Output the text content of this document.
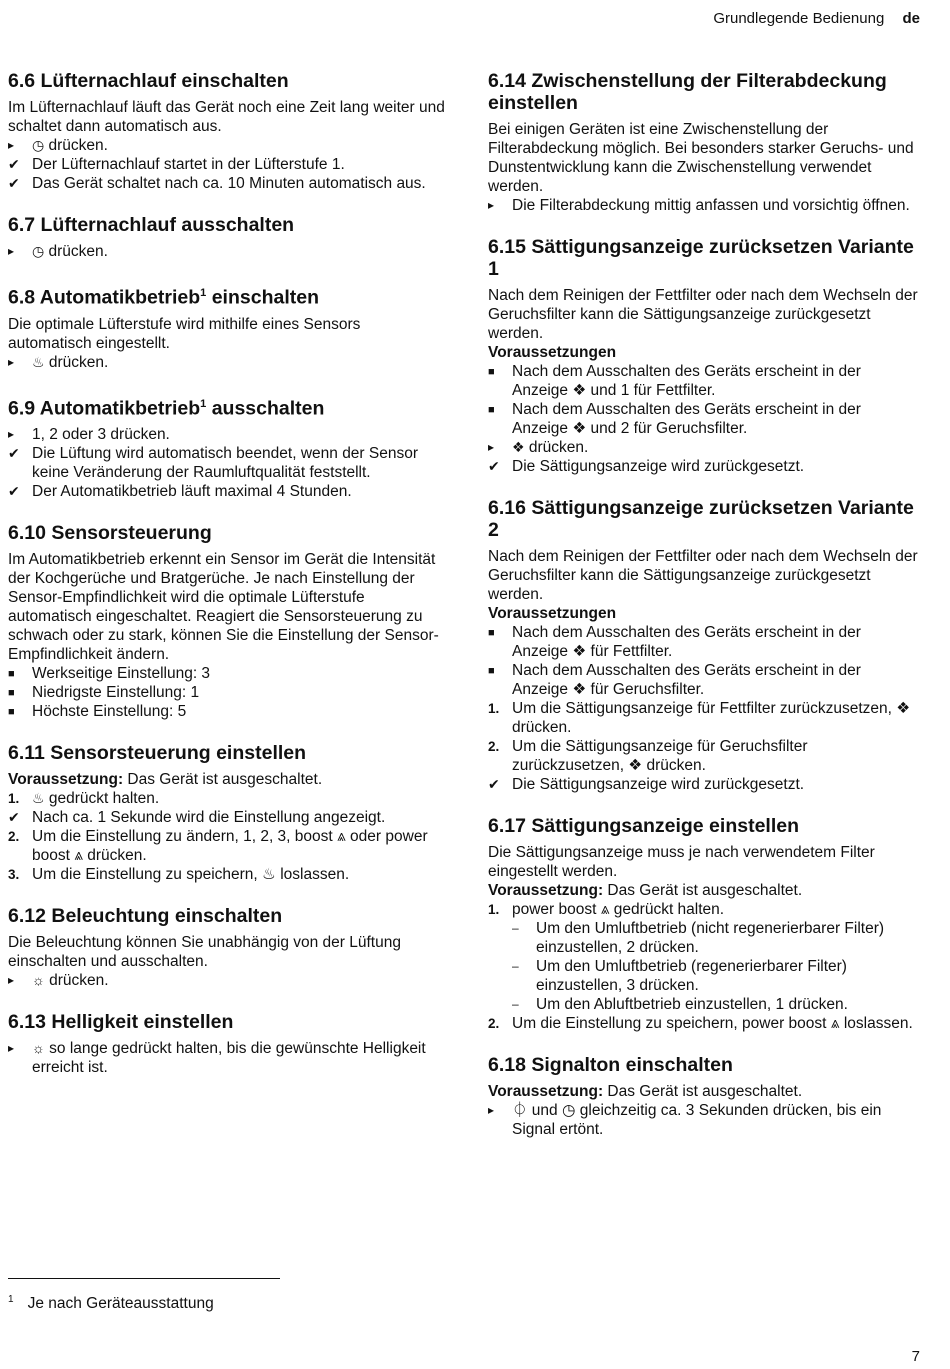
Grundlegende Bedienung de
6.6 Lüfternachlauf einschalten

Im Lüfternachlauf läuft das Gerät noch eine Zeit lang weiter und schaltet dann automatisch aus.

▸	◷ drücken.
✔ Der Lüfternachlauf startet in der Lüfterstufe 1.
✔ Das Gerät schaltet nach ca. 10 Minuten automatisch aus.
6.7 Lüfternachlauf ausschalten
▸	◷ drücken.
6.8 Automatikbetrieb$^1$ einschalten

Die optimale Lüfterstufe wird mithilfe eines Sensors automatisch eingestellt.

▸	♨ drücken.
6.9 Automatikbetrieb$^1$ ausschalten
▸	1, 2 oder 3 drücken.
✔ Die Lüftung wird automatisch beendet, wenn der Sensor keine Veränderung der Raumluftqualität feststellt.
✔ Der Automatikbetrieb läuft maximal 4 Stunden.
6.10 Sensorsteuerung

Im Automatikbetrieb erkennt ein Sensor im Gerät die Intensität der Kochgerüche und Bratgerüche. Je nach Einstellung der Sensor-Empfindlichkeit wird die optimale Lüfterstufe automatisch eingeschaltet. Reagiert die Sensorsteuerung zu schwach oder zu stark, können Sie die Einstellung der Sensor-Empfindlichkeit ändern.

■	Werkseitige Einstellung: 3
■	Niedrigste Einstellung: 1
■	Höchste Einstellung: 5
6.11 Sensorsteuerung einstellen
Voraussetzung: Das Gerät ist ausgeschaltet.
1. ♨ gedrückt halten.
✔ Nach ca. 1 Sekunde wird die Einstellung angezeigt.
2. Um die Einstellung zu ändern, 1, 2, 3, boost ⩓ oder power boost ⩓ drücken.
3. Um die Einstellung zu speichern, ♨ loslassen.
6.12 Beleuchtung einschalten

Die Beleuchtung können Sie unabhängig von der Lüftung einschalten und ausschalten.

▸	☼ drücken.
6.13 Helligkeit einstellen
▸	☼ so lange gedrückt halten, bis die gewünschte Helligkeit erreicht ist.
6.14 Zwischenstellung der Filterabdeckung einstellen

Bei einigen Geräten ist eine Zwischenstellung der Filterabdeckung möglich. Bei besonders starker Geruchs- und Dunstentwicklung kann die Zwischenstellung verwendet werden.

▸	Die Filterabdeckung mittig anfassen und vorsichtig öffnen.
6.15 Sättigungsanzeige zurücksetzen Variante 1

Nach dem Reinigen der Fettfilter oder nach dem Wechseln der Geruchsfilter kann die Sättigungsanzeige zurückgesetzt werden.

Voraussetzungen
■	Nach dem Ausschalten des Geräts erscheint in der Anzeige ❖ und 1 für Fettfilter.
■	Nach dem Ausschalten des Geräts erscheint in der Anzeige ❖ und 2 für Geruchsfilter.
▸	❖ drücken.
✔ Die Sättigungsanzeige wird zurückgesetzt.
6.16 Sättigungsanzeige zurücksetzen Variante 2

Nach dem Reinigen der Fettfilter oder nach dem Wechseln der Geruchsfilter kann die Sättigungsanzeige zurückgesetzt werden.

Voraussetzungen
■	Nach dem Ausschalten des Geräts erscheint in der Anzeige ❖ für Fettfilter.
■	Nach dem Ausschalten des Geräts erscheint in der Anzeige ❖ für Geruchsfilter.
1. Um die Sättigungsanzeige für Fettfilter zurückzusetzen, ❖ drücken.
2. Um die Sättigungsanzeige für Geruchsfilter zurückzusetzen, ❖ drücken.
✔ Die Sättigungsanzeige wird zurückgesetzt.
6.17 Sättigungsanzeige einstellen

Die Sättigungsanzeige muss je nach verwendetem Filter eingestellt werden.

Voraussetzung: Das Gerät ist ausgeschaltet.
1. power boost ⩓ gedrückt halten.
–	Um den Umluftbetrieb (nicht regenerierbarer Filter) einzustellen, 2 drücken.
–	Um den Umluftbetrieb (regenerierbarer Filter) einzustellen, 3 drücken.
–	Um den Abluftbetrieb einzustellen, 1 drücken.
2. Um die Einstellung zu speichern, power boost ⩓ loslassen.
6.18 Signalton einschalten
Voraussetzung: Das Gerät ist ausgeschaltet.
▸	⏀ und ◷ gleichzeitig ca. 3 Sekunden drücken, bis ein Signal ertönt.
$^1$ Je nach Geräteausstattung
7
